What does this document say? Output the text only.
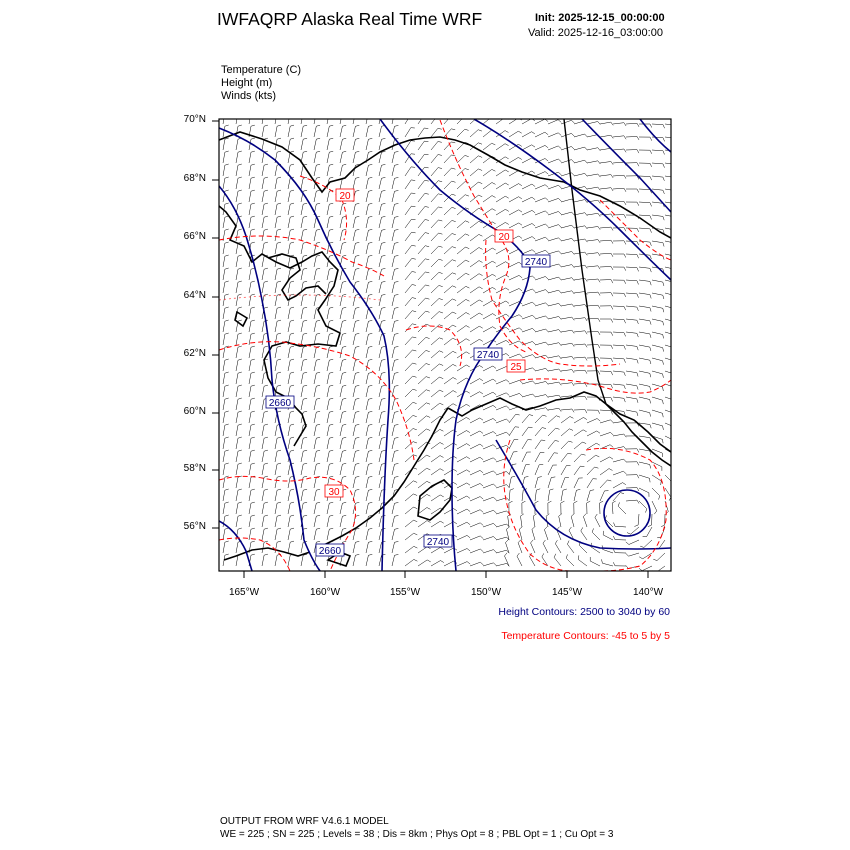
IWFAQRP Alaska Real Time WRF	Init: 2025-12-15_00:00:00
Valid: 2025-12-16_03:00:00
Temperature (C)
Height (m)
Winds (kts)
2740
2740
2660
2660
2740
20
20
25
30
70°N
68°N
66°N
64°N
62°N
60°N
58°N
56°N
165°W	160°W	155°W	150°W	145°W	140°W
Height Contours: 2500 to 3040 by 60
Temperature Contours: -45 to 5 by 5
OUTPUT FROM WRF V4.6.1 MODEL
WE = 225 ; SN = 225 ; Levels = 38 ; Dis = 8km ; Phys Opt = 8 ; PBL Opt = 1 ; Cu Opt = 3
